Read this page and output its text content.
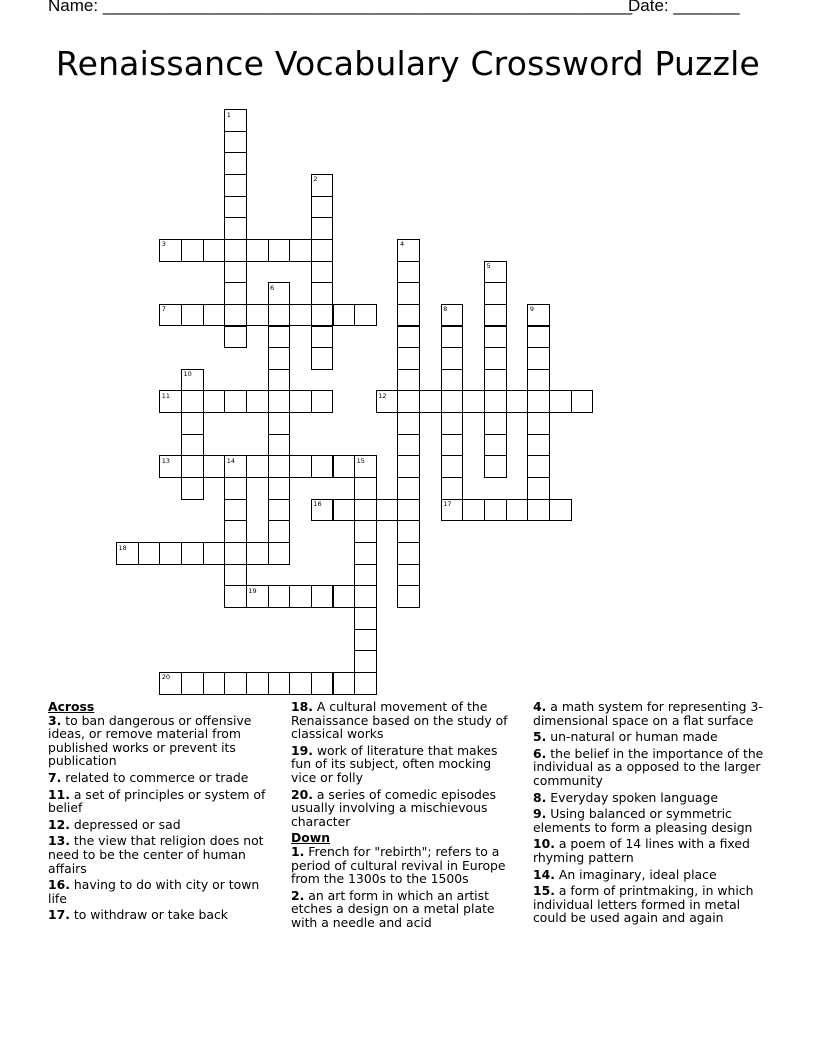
Name: ________________________________________________________
Date: _______
Renaissance Vocabulary Crossword Puzzle
1
2
3	4
5
6
7	8	9
10
11	12
13	14	15
16	17
18
19
20
Across
3. to ban dangerous or offensive ideas, or remove material from published works or prevent its publication
7. related to commerce or trade
11. a set of principles or system of belief
12. depressed or sad
13. the view that religion does not need to be the center of human affairs
16. having to do with city or town life
17. to withdraw or take back
18. A cultural movement of the Renaissance based on the study of classical works
19. work of literature that makes fun of its subject, often mocking vice or folly
20. a series of comedic episodes usually involving a mischievous character
Down
1. French for "rebirth"; refers to a period of cultural revival in Europe from the 1300s to the 1500s
2. an art form in which an artist etches a design on a metal plate with a needle and acid
4. a math system for representing 3-dimensional space on a flat surface
5. un-natural or human made
6. the belief in the importance of the individual as a opposed to the larger community
8. Everyday spoken language
9. Using balanced or symmetric elements to form a pleasing design
10. a poem of 14 lines with a fixed rhyming pattern
14. An imaginary, ideal place
15. a form of printmaking, in which individual letters formed in metal could be used again and again
